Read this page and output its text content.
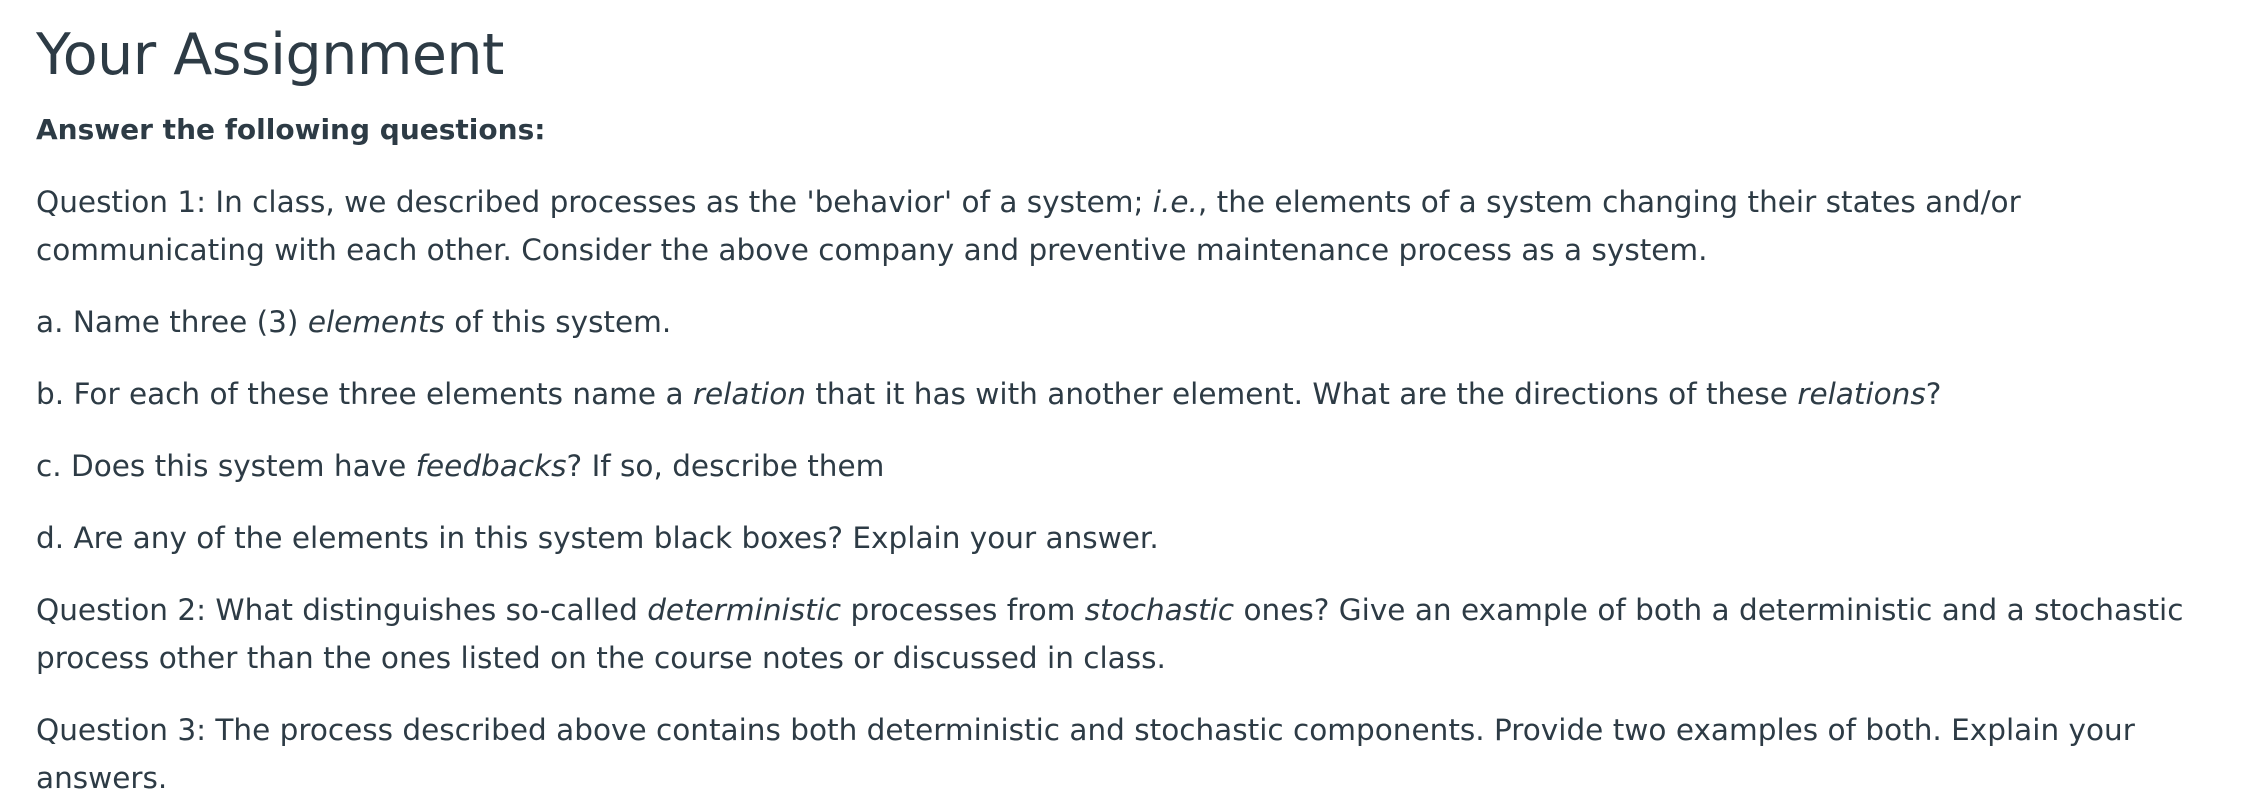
Your Assignment

Answer the following questions:

Question 1: In class, we described processes as the 'behavior' of a system; i.e., the elements of a system changing their states and/or communicating with each other. Consider the above company and preventive maintenance process as a system.

a. Name three (3) elements of this system.

b. For each of these three elements name a relation that it has with another element. What are the directions of these relations?

c. Does this system have feedbacks? If so, describe them

d. Are any of the elements in this system black boxes? Explain your answer.

Question 2: What distinguishes so-called deterministic processes from stochastic ones? Give an example of both a deterministic and a stochastic process other than the ones listed on the course notes or discussed in class.

Question 3: The process described above contains both deterministic and stochastic components. Provide two examples of both. Explain your answers.
